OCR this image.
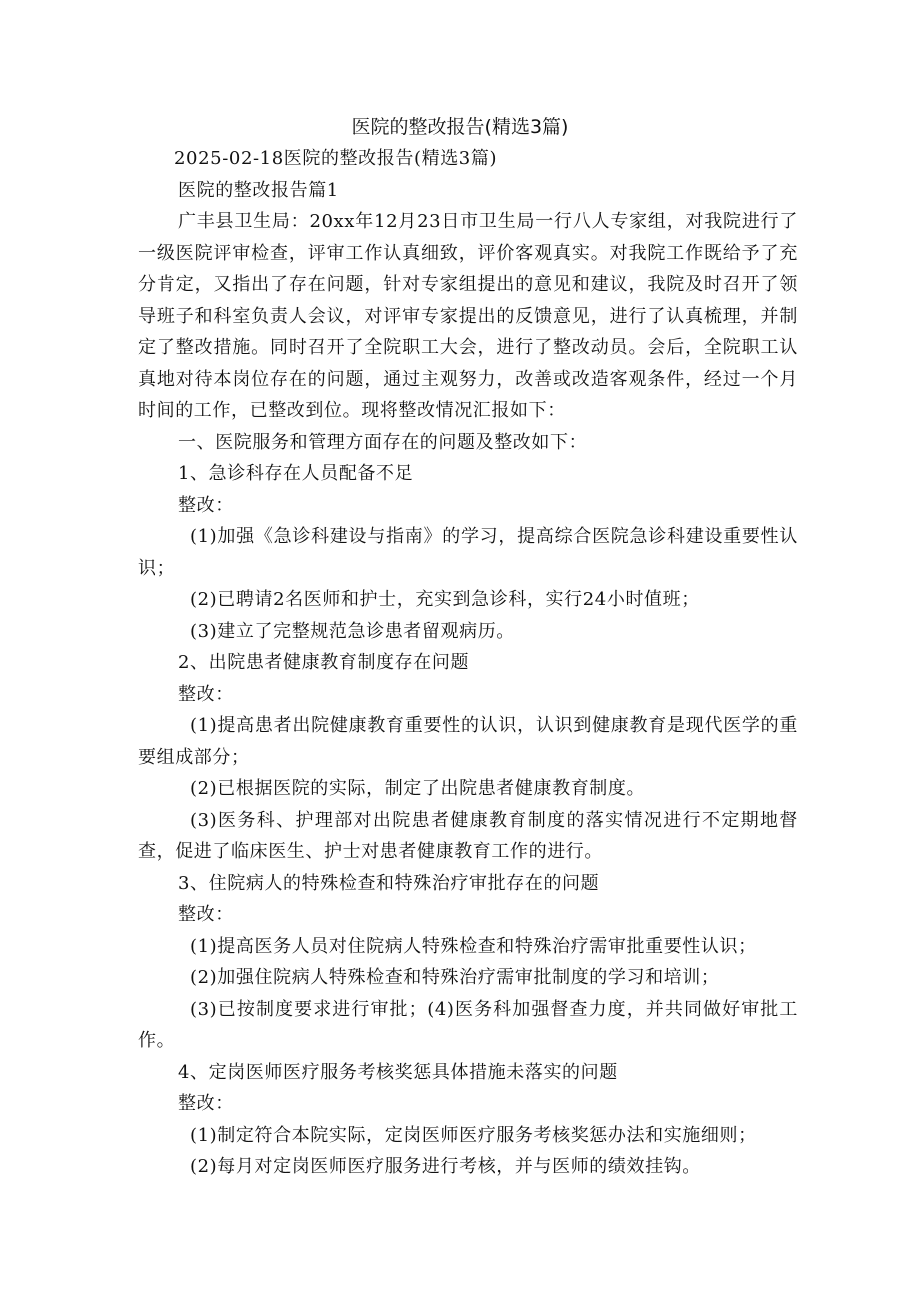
医院的整改报告(精选3篇)

2025-02-18医院的整改报告(精选3篇)

医院的整改报告篇1

广丰县卫生局：20xx年12月23日市卫生局一行八人专家组，对我院进行了一级医院评审检查，评审工作认真细致，评价客观真实。对我院工作既给予了充分肯定，又指出了存在问题，针对专家组提出的意见和建议，我院及时召开了领导班子和科室负责人会议，对评审专家提出的反馈意见，进行了认真梳理，并制定了整改措施。同时召开了全院职工大会，进行了整改动员。会后，全院职工认真地对待本岗位存在的问题，通过主观努力，改善或改造客观条件，经过一个月时间的工作，已整改到位。现将整改情况汇报如下：

一、医院服务和管理方面存在的问题及整改如下：

1、急诊科存在人员配备不足

整改：

(1)加强《急诊科建设与指南》的学习，提高综合医院急诊科建设重要性认识；

(2)已聘请2名医师和护士，充实到急诊科，实行24小时值班；

(3)建立了完整规范急诊患者留观病历。

2、出院患者健康教育制度存在问题

整改：

(1)提高患者出院健康教育重要性的认识，认识到健康教育是现代医学的重要组成部分；

(2)已根据医院的实际，制定了出院患者健康教育制度。

(3)医务科、护理部对出院患者健康教育制度的落实情况进行不定期地督查，促进了临床医生、护士对患者健康教育工作的进行。

3、住院病人的特殊检查和特殊治疗审批存在的问题

整改：

(1)提高医务人员对住院病人特殊检查和特殊治疗需审批重要性认识；

(2)加强住院病人特殊检查和特殊治疗需审批制度的学习和培训；

(3)已按制度要求进行审批；(4)医务科加强督查力度，并共同做好审批工作。

4、定岗医师医疗服务考核奖惩具体措施未落实的问题

整改：

(1)制定符合本院实际，定岗医师医疗服务考核奖惩办法和实施细则；

(2)每月对定岗医师医疗服务进行考核，并与医师的绩效挂钩。
